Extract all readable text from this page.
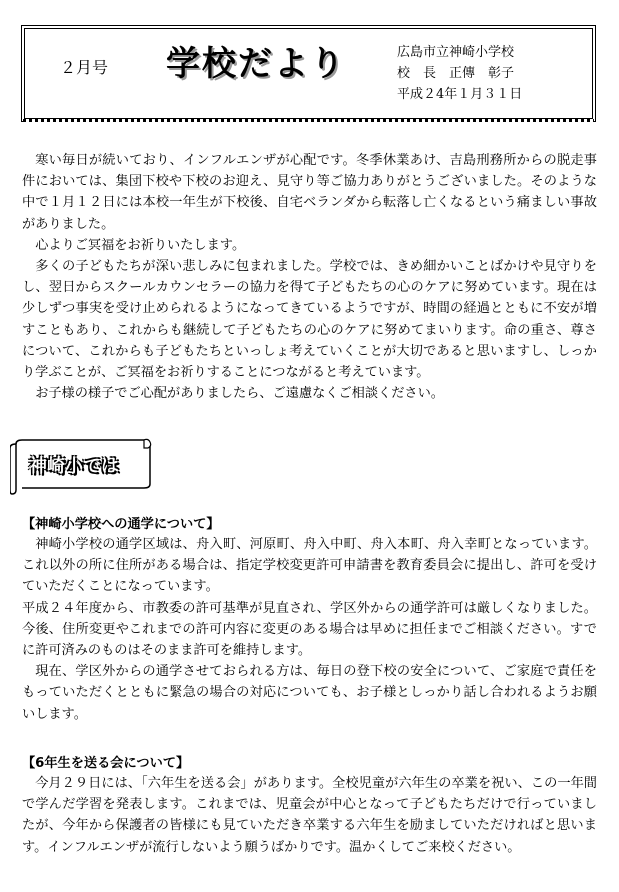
２月号 学校だより	広島市立神崎小学校
校　長　正傳　彰子
平成２4年１月３１日

寒い毎日が続いており、インフルエンザが心配です。冬季休業あけ、吉島刑務所からの脱走事件においては、集団下校や下校のお迎え、見守り等ご協力ありがとうございました。そのような中で１月１２日には本校一年生が下校後、自宅ベランダから転落し亡くなるという痛ましい事故がありました。

心よりご冥福をお祈りいたします。

多くの子どもたちが深い悲しみに包まれました。学校では、きめ細かいことばかけや見守りをし、翌日からスクールカウンセラーの協力を得て子どもたちの心のケアに努めています。現在は少しずつ事実を受け止められるようになってきているようですが、時間の経過とともに不安が増すこともあり、これからも継続して子どもたちの心のケアに努めてまいります。命の重さ、尊さについて、これからも子どもたちといっしょ考えていくことが大切であると思いますし、しっかり学ぶことが、ご冥福をお祈りすることにつながると考えています。

お子様の様子でご心配がありましたら、ご遠慮なくご相談ください。

神崎小では
【神崎小学校への通学について】

神崎小学校の通学区域は、舟入町、河原町、舟入中町、舟入本町、舟入幸町となっています。これ以外の所に住所がある場合は、指定学校変更許可申請書を教育委員会に提出し、許可を受けていただくことになっています。

平成２４年度から、市教委の許可基準が見直され、学区外からの通学許可は厳しくなりました。今後、住所変更やこれまでの許可内容に変更のある場合は早めに担任までご相談ください。すでに許可済みのものはそのまま許可を維持します。

現在、学区外からの通学させておられる方は、毎日の登下校の安全について、ご家庭で責任をもっていただくとともに緊急の場合の対応についても、お子様としっかり話し合われるようお願いします。

【6年生を送る会について】

今月２９日には、「六年生を送る会」があります。全校児童が六年生の卒業を祝い、この一年間で学んだ学習を発表します。これまでは、児童会が中心となって子どもたちだけで行っていましたが、今年から保護者の皆様にも見ていただき卒業する六年生を励ましていただければと思います。インフルエンザが流行しないよう願うばかりです。温かくしてご来校ください。
